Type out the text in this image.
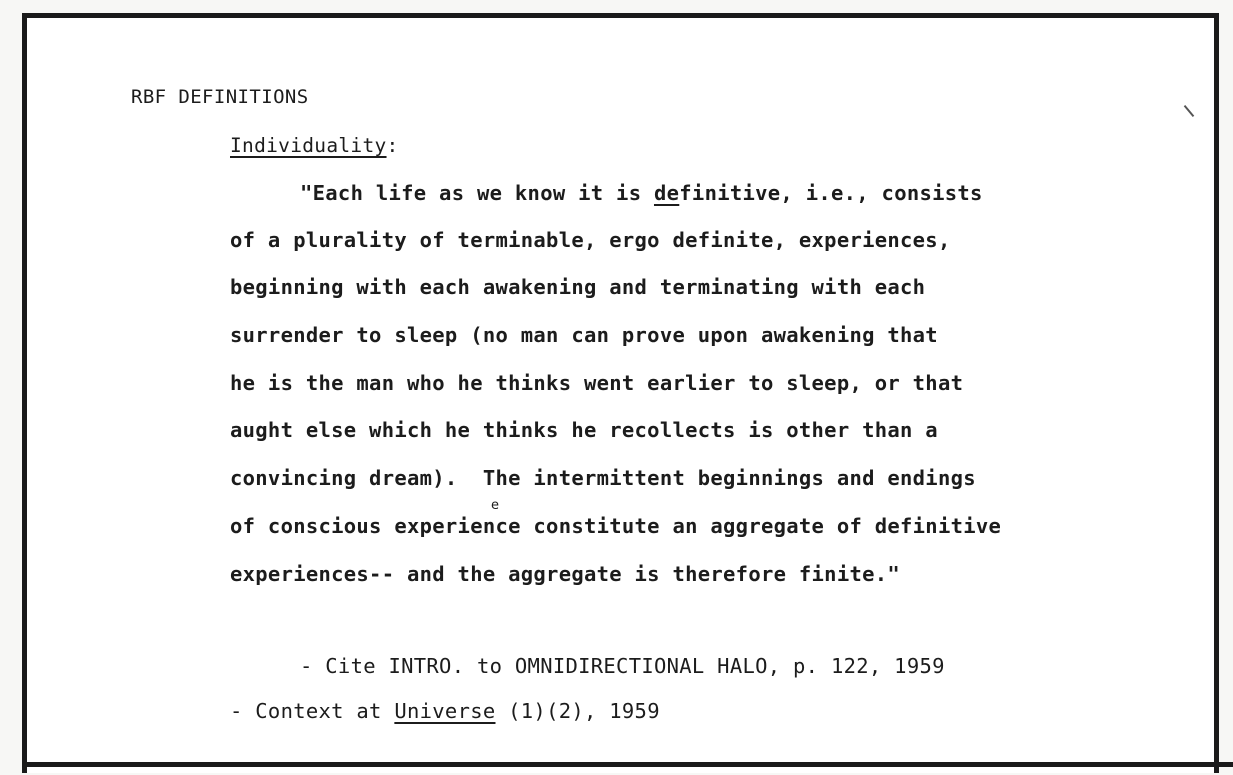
RBF DEFINITIONS
Individuality:
"Each life as we know it is definitive, i.e., consists
of a plurality of terminable, ergo definite, experiences,
beginning with each awakening and terminating with each
surrender to sleep (no man can prove upon awakening that
he is the man who he thinks went earlier to sleep, or that
aught else which he thinks he recollects is other than a
convincing dream).  The intermittent beginnings and endings
of conscious experience constitute an aggregate of definitive
e
experiences-- and the aggregate is therefore finite."
- Cite INTRO. to OMNIDIRECTIONAL HALO, p. 122, 1959
- Context at Universe (1)(2), 1959
